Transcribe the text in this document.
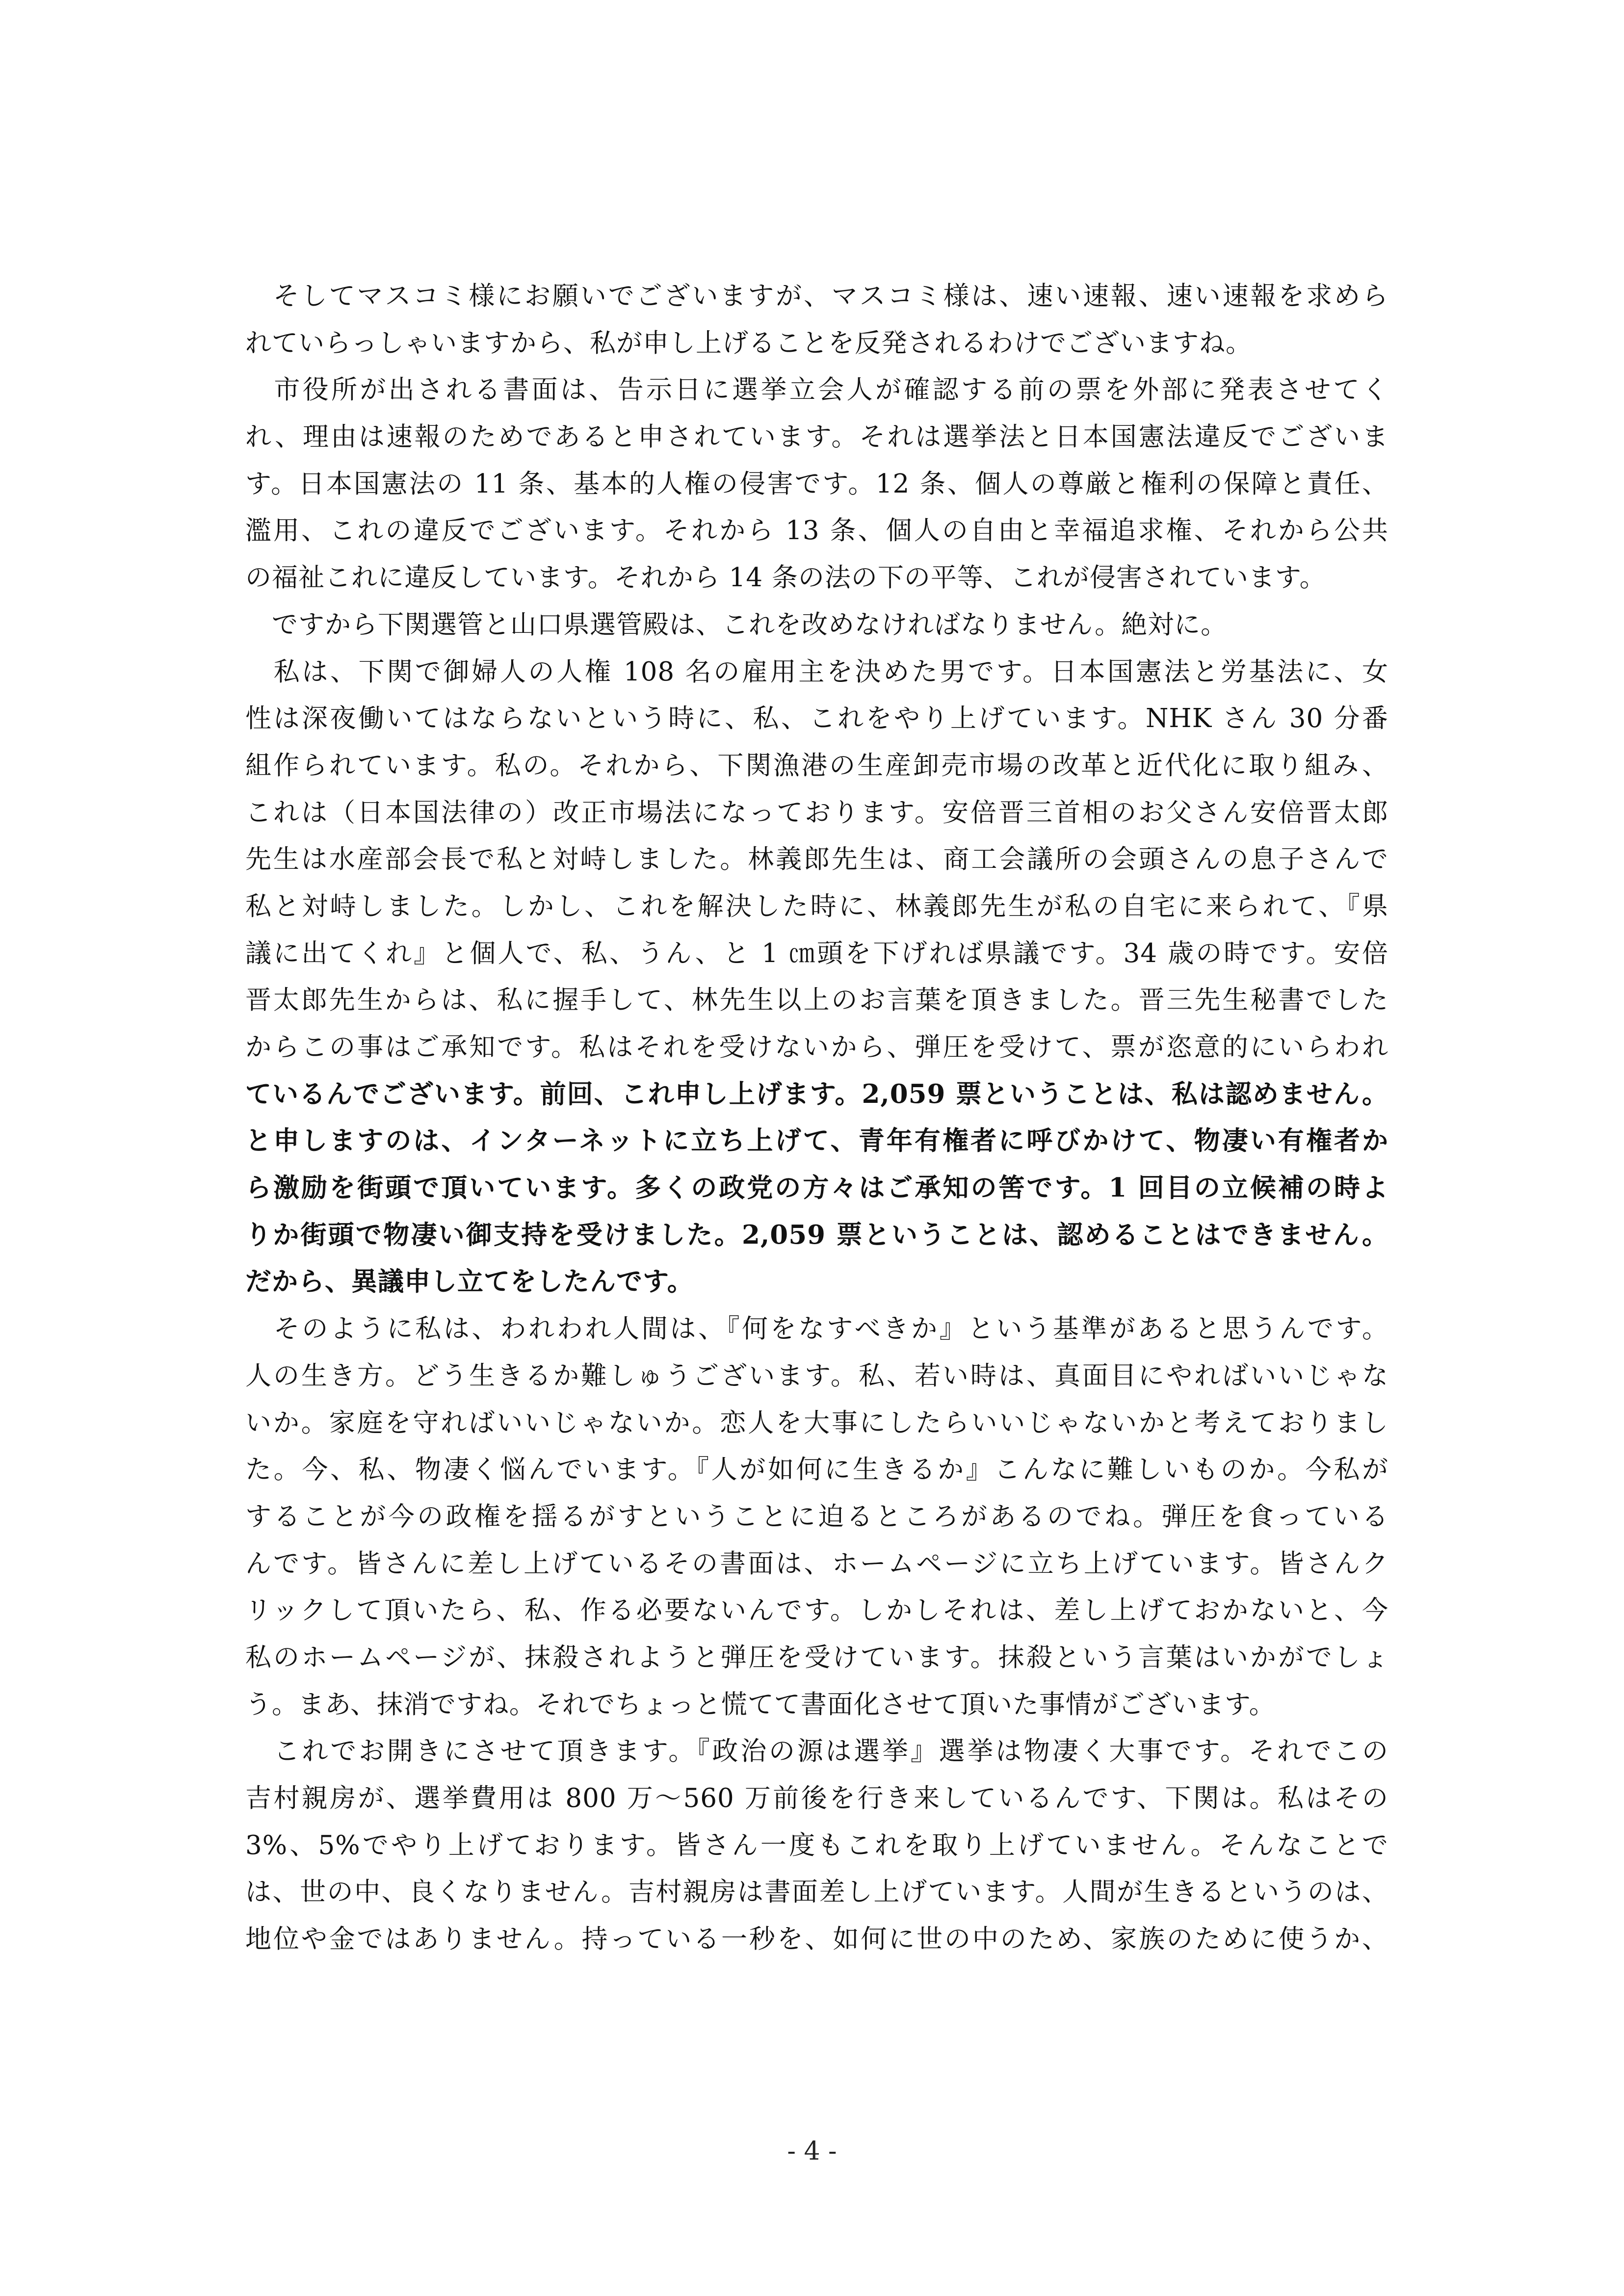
　そしてマスコミ様にお願いでございますが、マスコミ様は、速い速報、速い速報を求めら
れていらっしゃいますから、私が申し上げることを反発されるわけでございますね。
　市役所が出される書面は、告示日に選挙立会人が確認する前の票を外部に発表させてく
れ、理由は速報のためであると申されています。それは選挙法と日本国憲法違反でございま
す。日本国憲法の 11 条、基本的人権の侵害です。12 条、個人の尊厳と権利の保障と責任、
濫用、これの違反でございます。それから 13 条、個人の自由と幸福追求権、それから公共
の福祉これに違反しています。それから 14 条の法の下の平等、これが侵害されています。
　ですから下関選管と山口県選管殿は、これを改めなければなりません。絶対に。
　私は、下関で御婦人の人権 108 名の雇用主を決めた男です。日本国憲法と労基法に、女
性は深夜働いてはならないという時に、私、これをやり上げています。NHK さん 30 分番
組作られています。私の。それから、下関漁港の生産卸売市場の改革と近代化に取り組み、
これは（日本国法律の）改正市場法になっております。安倍晋三首相のお父さん安倍晋太郎
先生は水産部会長で私と対峙しました。林義郎先生は、商工会議所の会頭さんの息子さんで
私と対峙しました。しかし、これを解決した時に、林義郎先生が私の自宅に来られて、『県
議に出てくれ』と個人で、私、うん、と 1 ㎝頭を下げれば県議です。34 歳の時です。安倍
晋太郎先生からは、私に握手して、林先生以上のお言葉を頂きました。晋三先生秘書でした
からこの事はご承知です。私はそれを受けないから、弾圧を受けて、票が恣意的にいらわれ
ているんでございます。前回、これ申し上げます。2,059 票ということは、私は認めません。
と申しますのは、インターネットに立ち上げて、青年有権者に呼びかけて、物凄い有権者か
ら激励を街頭で頂いています。多くの政党の方々はご承知の筈です。1 回目の立候補の時よ
りか街頭で物凄い御支持を受けました。2,059 票ということは、認めることはできません。
だから、異議申し立てをしたんです。
　そのように私は、われわれ人間は、『何をなすべきか』という基準があると思うんです。
人の生き方。どう生きるか難しゅうございます。私、若い時は、真面目にやればいいじゃな
いか。家庭を守ればいいじゃないか。恋人を大事にしたらいいじゃないかと考えておりまし
た。今、私、物凄く悩んでいます。『人が如何に生きるか』こんなに難しいものか。今私が
することが今の政権を揺るがすということに迫るところがあるのでね。弾圧を食っている
んです。皆さんに差し上げているその書面は、ホームページに立ち上げています。皆さんク
リックして頂いたら、私、作る必要ないんです。しかしそれは、差し上げておかないと、今
私のホームページが、抹殺されようと弾圧を受けています。抹殺という言葉はいかがでしょ
う。まあ、抹消ですね。それでちょっと慌てて書面化させて頂いた事情がございます。
　これでお開きにさせて頂きます。『政治の源は選挙』選挙は物凄く大事です。それでこの
吉村親房が、選挙費用は 800 万～560 万前後を行き来しているんです、下関は。私はその
3%、5%でやり上げております。皆さん一度もこれを取り上げていません。そんなことで
は、世の中、良くなりません。吉村親房は書面差し上げています。人間が生きるというのは、
地位や金ではありません。持っている一秒を、如何に世の中のため、家族のために使うか、
- 4 -
